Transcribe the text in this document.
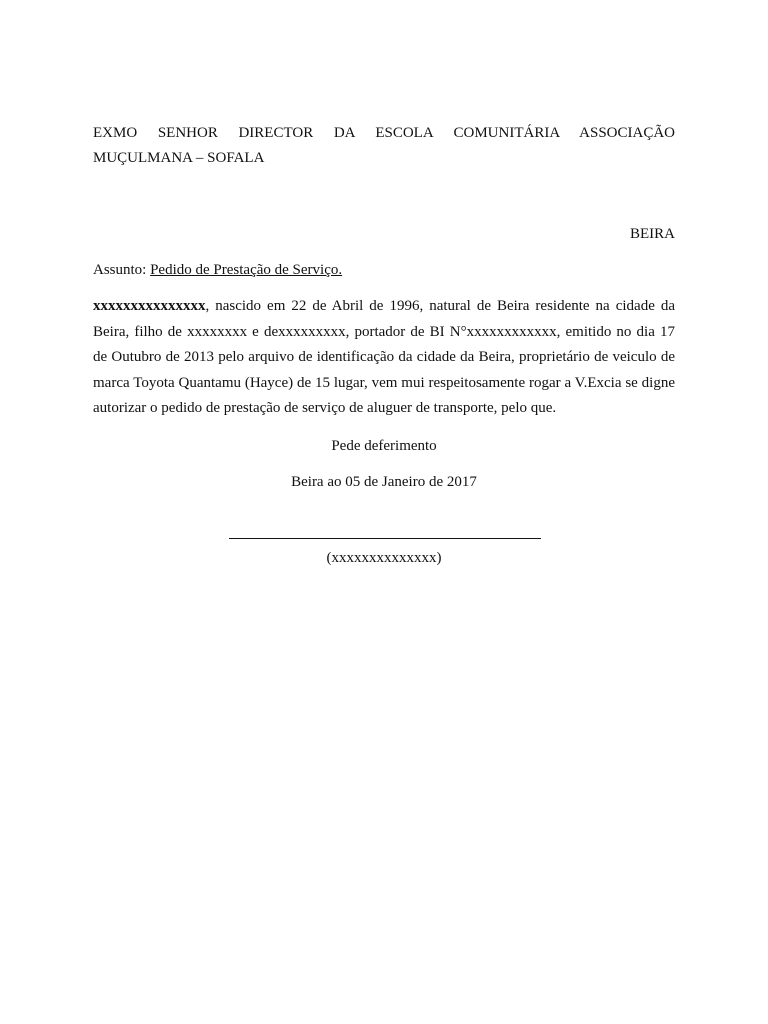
EXMO SENHOR DIRECTOR DA ESCOLA COMUNITÁRIA ASSOCIAÇÃO
MUÇULMANA – SOFALA
BEIRA
Assunto: Pedido de Prestação de Serviço.

xxxxxxxxxxxxxxx, nascido em 22 de Abril de 1996, natural de Beira residente na cidade da Beira, filho de xxxxxxxx e dexxxxxxxxx, portador de BI N°xxxxxxxxxxxx, emitido no dia 17 de Outubro de 2013 pelo arquivo de identificação da cidade da Beira, proprietário de veiculo de marca Toyota Quantamu (Hayce) de 15 lugar, vem mui respeitosamente rogar a V.Excia se digne autorizar o pedido de prestação de serviço de aluguer de transporte, pelo que.

Pede deferimento
Beira ao 05 de Janeiro de 2017
(xxxxxxxxxxxxxx)
